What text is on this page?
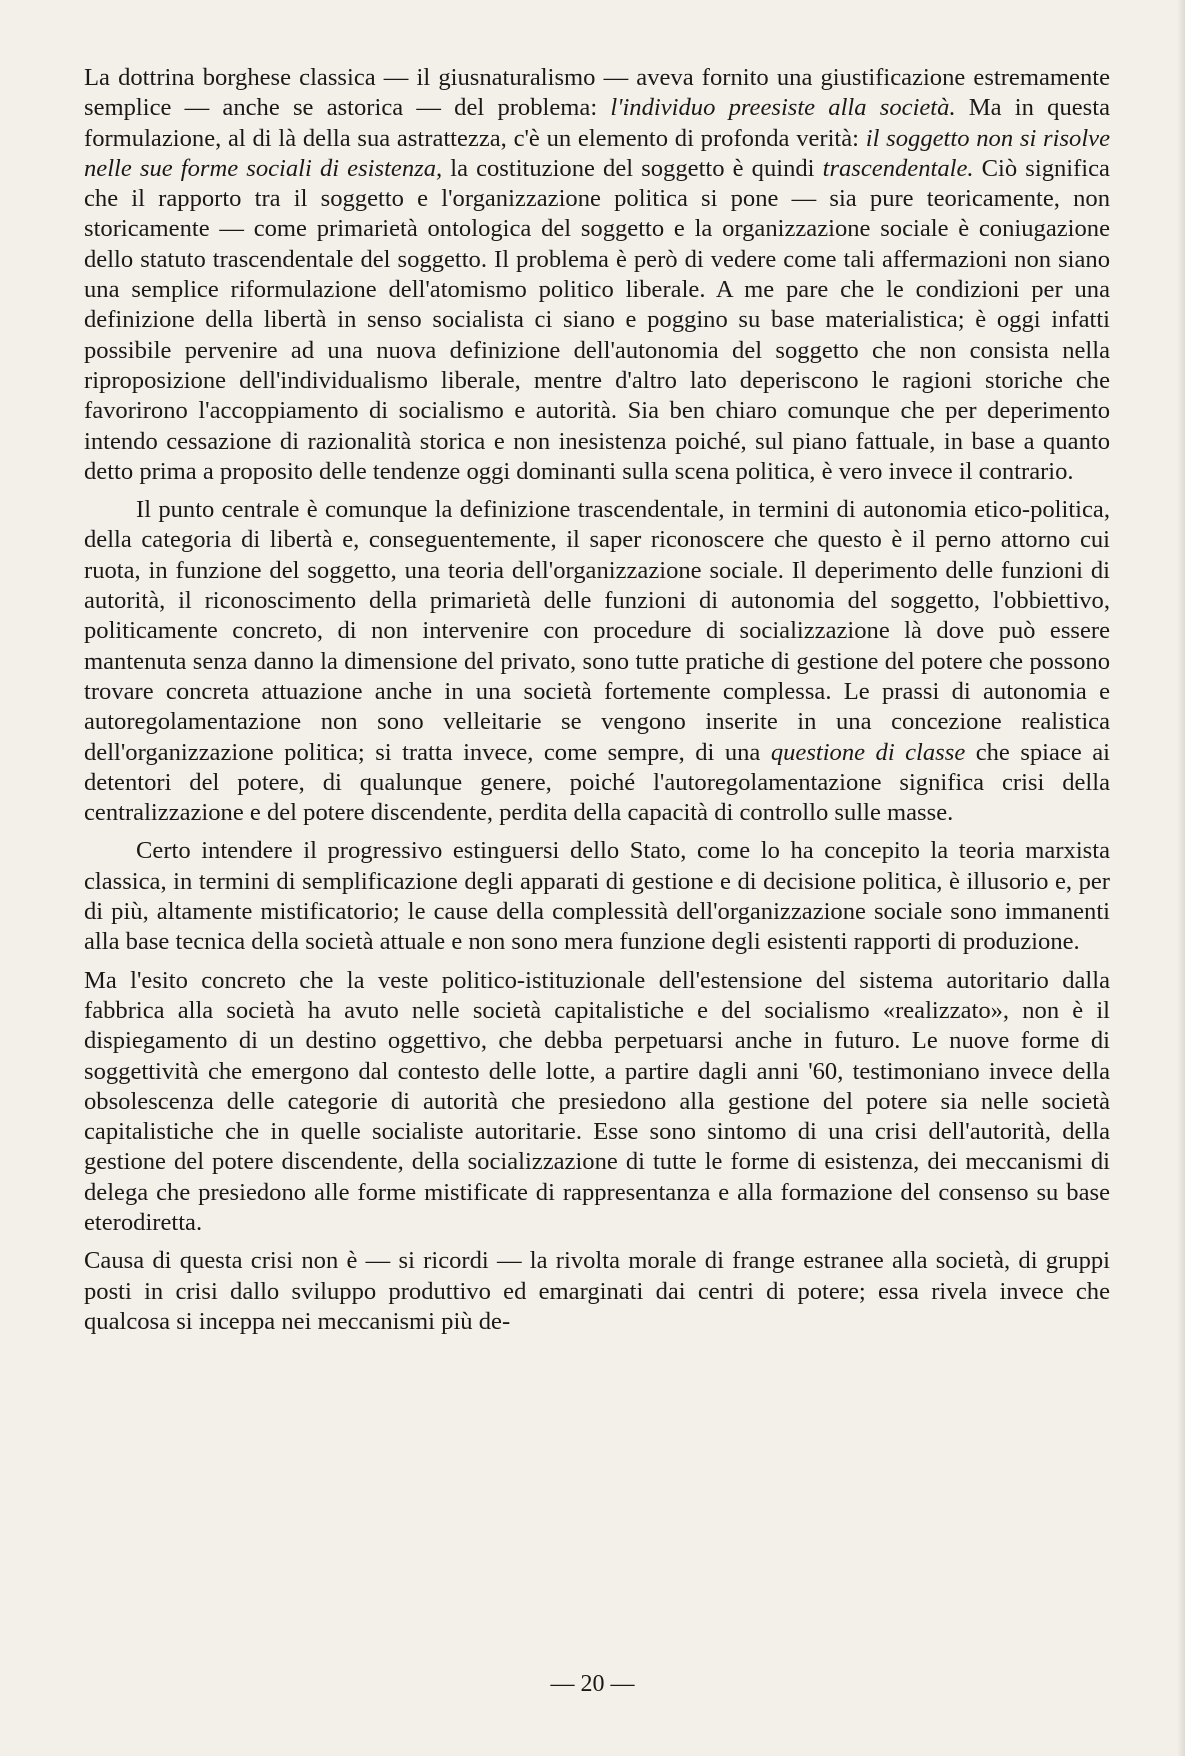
La dottrina borghese classica — il giusnaturalismo — aveva fornito una giustificazione estremamente semplice — anche se astorica — del problema: l'individuo preesiste alla società. Ma in questa formulazione, al di là della sua astrattezza, c'è un elemento di profonda verità: il soggetto non si risolve nelle sue forme sociali di esistenza, la costituzione del soggetto è quindi trascendentale. Ciò significa che il rapporto tra il soggetto e l'organizzazione politica si pone — sia pure teoricamente, non storicamente — come primarietà ontologica del soggetto e la organizzazione sociale è coniugazione dello statuto trascendentale del soggetto. Il problema è però di vedere come tali affermazioni non siano una semplice riformulazione dell'atomismo politico liberale. A me pare che le condizioni per una definizione della libertà in senso socialista ci siano e poggino su base materialistica; è oggi infatti possibile pervenire ad una nuova definizione dell'autonomia del soggetto che non consista nella riproposizione dell'individualismo liberale, mentre d'altro lato deperiscono le ragioni storiche che favorirono l'accoppiamento di socialismo e autorità. Sia ben chiaro comunque che per deperimento intendo cessazione di razionalità storica e non inesistenza poiché, sul piano fattuale, in base a quanto detto prima a proposito delle tendenze oggi dominanti sulla scena politica, è vero invece il contrario.

Il punto centrale è comunque la definizione trascendentale, in termini di autonomia etico-politica, della categoria di libertà e, conseguentemente, il saper riconoscere che questo è il perno attorno cui ruota, in funzione del soggetto, una teoria dell'organizzazione sociale. Il deperimento delle funzioni di autorità, il riconoscimento della primarietà delle funzioni di autonomia del soggetto, l'obbiettivo, politicamente concreto, di non intervenire con procedure di socializzazione là dove può essere mantenuta senza danno la dimensione del privato, sono tutte pratiche di gestione del potere che possono trovare concreta attuazione anche in una società fortemente complessa. Le prassi di autonomia e autoregolamentazione non sono velleitarie se vengono inserite in una concezione realistica dell'organizzazione politica; si tratta invece, come sempre, di una questione di classe che spiace ai detentori del potere, di qualunque genere, poiché l'autoregolamentazione significa crisi della centralizzazione e del potere discendente, perdita della capacità di controllo sulle masse.

Certo intendere il progressivo estinguersi dello Stato, come lo ha concepito la teoria marxista classica, in termini di semplificazione degli apparati di gestione e di decisione politica, è illusorio e, per di più, altamente mistificatorio; le cause della complessità dell'organizzazione sociale sono immanenti alla base tecnica della società attuale e non sono mera funzione degli esistenti rapporti di produzione.

Ma l'esito concreto che la veste politico-istituzionale dell'estensione del sistema autoritario dalla fabbrica alla società ha avuto nelle società capitalistiche e del socialismo «realizzato», non è il dispiegamento di un destino oggettivo, che debba perpetuarsi anche in futuro. Le nuove forme di soggettività che emergono dal contesto delle lotte, a partire dagli anni '60, testimoniano invece della obsolescenza delle categorie di autorità che presiedono alla gestione del potere sia nelle società capitalistiche che in quelle socialiste autoritarie. Esse sono sintomo di una crisi dell'autorità, della gestione del potere discendente, della socializzazione di tutte le forme di esistenza, dei meccanismi di delega che presiedono alle forme mistificate di rappresentanza e alla formazione del consenso su base eterodiretta.

Causa di questa crisi non è — si ricordi — la rivolta morale di frange estranee alla società, di gruppi posti in crisi dallo sviluppo produttivo ed emarginati dai centri di potere; essa rivela invece che qualcosa si inceppa nei meccanismi più de-

— 20 —
